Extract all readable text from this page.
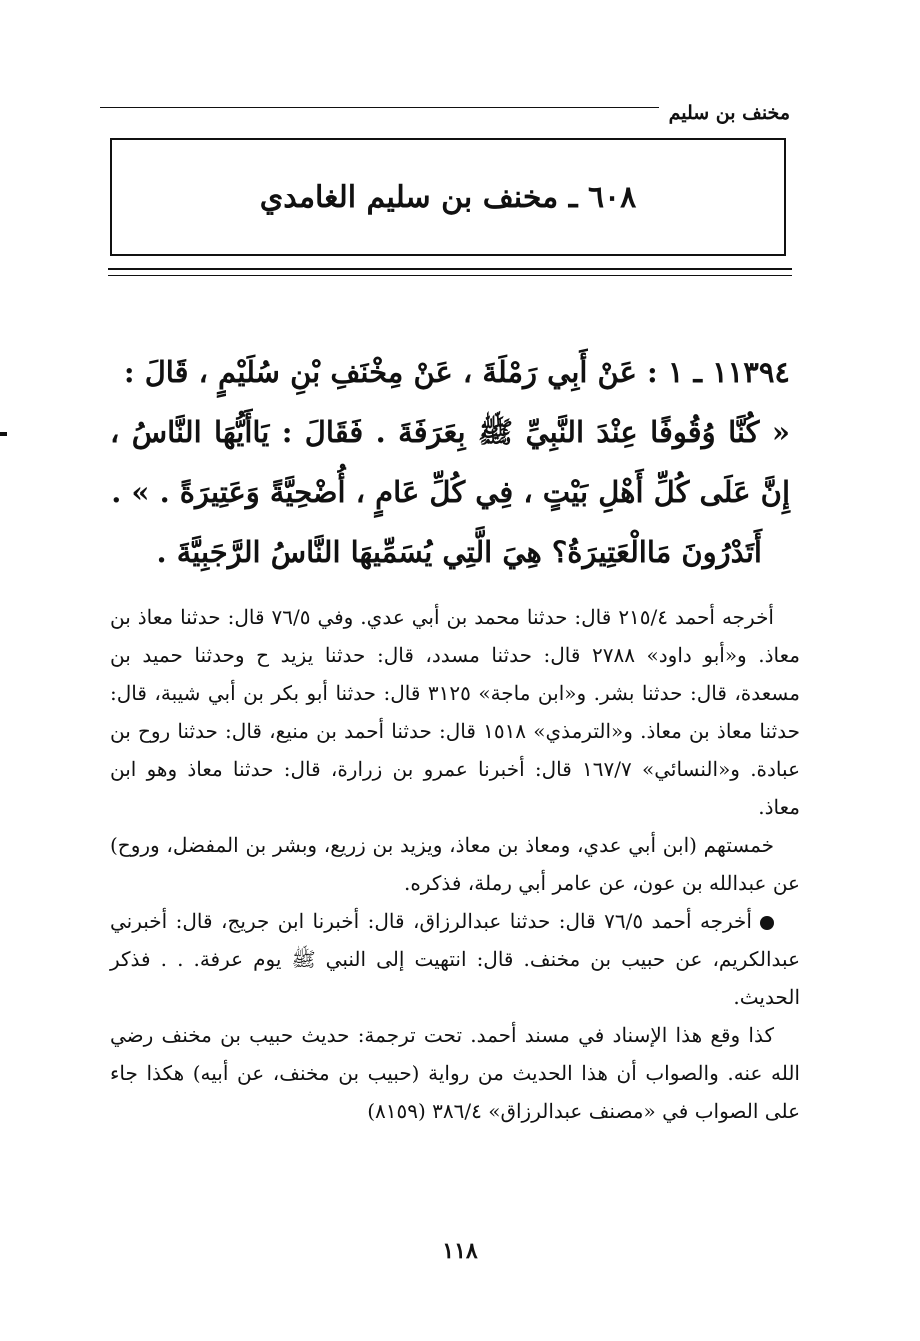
مخنف بن سليم
٦٠٨ ـ مخنف بن سليم الغامدي

١١٣٩٤ ـ ١ : عَنْ أَبِي رَمْلَةَ ، عَنْ مِخْنَفِ بْنِ سُلَيْمٍ ، قَالَ :

« كُنَّا وُقُوفًا عِنْدَ النَّبِيِّ ﷺ بِعَرَفَةَ . فَقَالَ : يَاأَيُّهَا النَّاسُ ، إِنَّ عَلَى كُلِّ أَهْلِ بَيْتٍ ، فِي كُلِّ عَامٍ ، أُضْحِيَّةً وَعَتِيرَةً . » .

أَتَدْرُونَ مَاالْعَتِيرَةُ؟ هِيَ الَّتِي يُسَمِّيهَا النَّاسُ الرَّجَبِيَّةَ .

أخرجه أحمد ٢١٥/٤ قال: حدثنا محمد بن أبي عدي. وفي ٧٦/٥ قال: حدثنا معاذ بن معاذ. و«أبو داود» ٢٧٨٨ قال: حدثنا مسدد، قال: حدثنا يزيد ح وحدثنا حميد بن مسعدة، قال: حدثنا بشر. و«ابن ماجة» ٣١٢٥ قال: حدثنا أبو بكر بن أبي شيبة، قال: حدثنا معاذ بن معاذ. و«الترمذي» ١٥١٨ قال: حدثنا أحمد بن منيع، قال: حدثنا روح بن عبادة. و«النسائي» ١٦٧/٧ قال: أخبرنا عمرو بن زرارة، قال: حدثنا معاذ وهو ابن معاذ.

خمستهم (ابن أبي عدي، ومعاذ بن معاذ، ويزيد بن زريع، وبشر بن المفضل، وروح) عن عبدالله بن عون، عن عامر أبي رملة، فذكره.

أخرجه أحمد ٧٦/٥ قال: حدثنا عبدالرزاق، قال: أخبرنا ابن جريج، قال: أخبرني عبدالكريم، عن حبيب بن مخنف. قال: انتهيت إلى النبي ﷺ يوم عرفة. . . فذكر الحديث.

كذا وقع هذا الإسناد في مسند أحمد. تحت ترجمة: حديث حبيب بن مخنف رضي الله عنه. والصواب أن هذا الحديث من رواية (حبيب بن مخنف، عن أبيه) هكذا جاء على الصواب في «مصنف عبدالرزاق» ٣٨٦/٤ (٨١٥٩)

١١٨
